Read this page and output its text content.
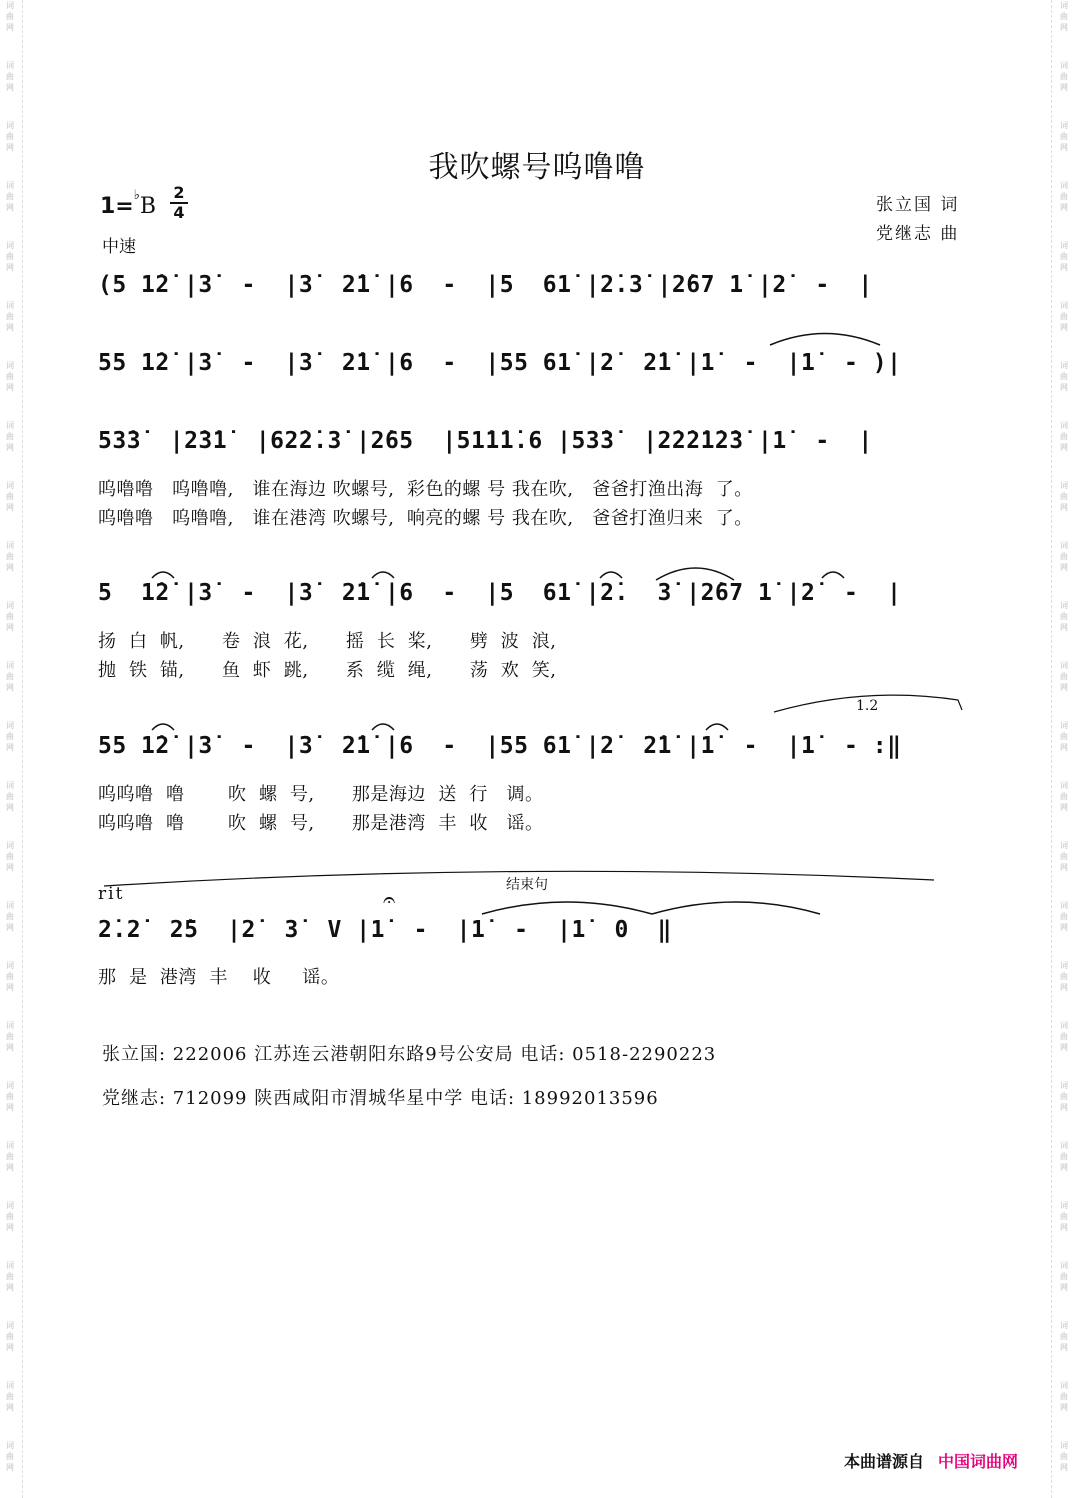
词
曲
网
词
曲
网
词
曲
网
词
曲
网
词
曲
网
词
曲
网
词
曲
网
词
曲
网
词
曲
网
词
曲
网
词
曲
网
词
曲
网
词
曲
网
词
曲
网
词
曲
网
词
曲
网
词
曲
网
词
曲
网
词
曲
网
词
曲
网
词
曲
网
词
曲
网
词
曲
网
词
曲
网
词
曲
网
词
曲
网
词
曲
网
词
曲
网
词
曲
网
词
曲
网
词
曲
网
词
曲
网
词
曲
网
词
曲
网
词
曲
网
词
曲
网
词
曲
网
词
曲
网
词
曲
网
词
曲
网
词
曲
网
词
曲
网
词
曲
网
词
曲
网
词
曲
网
词
曲
网
词
曲
网
词
曲
网
词
曲
网
词
曲
网
我吹螺号呜噜噜
1=♭B
2
4
中速
张立国 词
党继志 曲
(5 1̇2̇ |3̇  -  |3̇  2̇1̇ |6  -  |5  61̇ |2̇.3̇ |2̇67 1̇ |2̇  -  |
55 1̇2̇ |3̇  -  |3̇  2̇1̇ |6  -  |55 61̇ |2̇  2̇1̇ |1̇  -  |1̇  - )|
53̇3̇  |2̇3̇1̇  |62̇2̇.3̇ |2̇65  |51̇1̇1̇.6 |53̇3̇  |2̇2̇2̇1̇2̇3̇ |1̇  -  |
呜噜噜   呜噜噜,   谁在海边 吹螺号,  彩色的螺 号 我在吹,   爸爸打渔出海  了。
呜噜噜   呜噜噜,   谁在港湾 吹螺号,  响亮的螺 号 我在吹,   爸爸打渔归来  了。
5  1̇2̇ |3̇  -  |3̇  2̇1̇ |6  -  |5  61̇ |2̇.  3̇ |2̇67 1̇ |2̇  -  |
扬  白  帆,      卷  浪  花,      摇  长  桨,      劈  波  浪,
抛  铁  锚,      鱼  虾  跳,      系  缆  绳,      荡  欢  笑,
1.2
55 1̇2̇ |3̇  -  |3̇  2̇1̇ |6  -  |55 61̇ |2̇  2̇1̇ |1̇  -  |1̇  - :‖
呜呜噜  噜       吹  螺  号,      那是海边  送  行   调。
呜呜噜  噜       吹  螺  号,      那是港湾  丰  收   谣。
结束句
rit	𝄐
2̇.2̇  2̇5  |2̇  3̇  V |1̇  -  |1̇  -  |1̇  0  ‖
那  是  港湾  丰    收     谣。
张立国: 222006 江苏连云港朝阳东路9号公安局 电话: 0518-2290223
党继志: 712099 陕西咸阳市渭城华星中学 电话: 18992013596
本曲谱源自 中国词曲网
